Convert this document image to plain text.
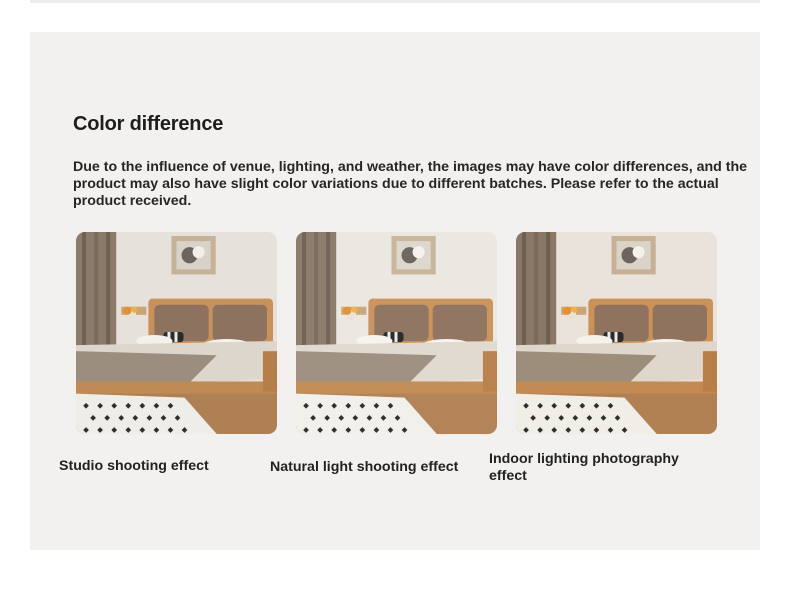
Color difference
Due to the influence of venue, lighting, and weather, the images may have color differences, and the product may also have slight color variations due to different batches. Please refer to the actual product received.
Studio shooting effect	Natural light shooting effect Indoor lighting photography effect
